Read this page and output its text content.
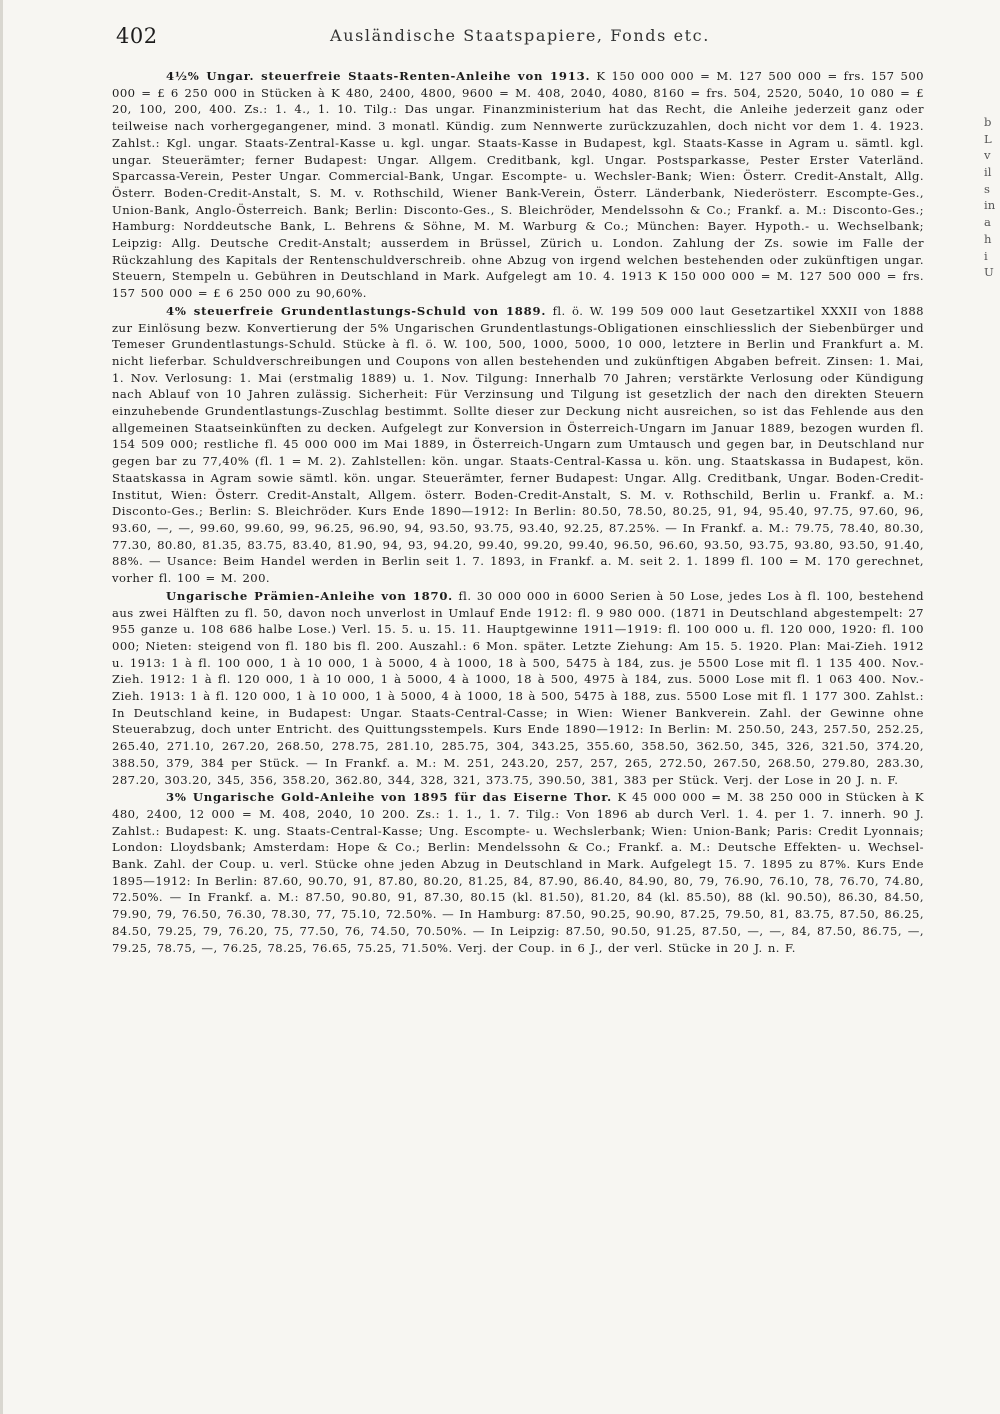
402	Ausländische Staatspapiere, Fonds etc.

4½% Ungar. steuerfreie Staats-Renten-Anleihe von 1913. K 150 000 000 = M. 127 500 000 = frs. 157 500 000 = £ 6 250 000 in Stücken à K 480, 2400, 4800, 9600 = M. 408, 2040, 4080, 8160 = frs. 504, 2520, 5040, 10 080 = £ 20, 100, 200, 400. Zs.: 1. 4., 1. 10. Tilg.: Das ungar. Finanzministerium hat das Recht, die Anleihe jederzeit ganz oder teilweise nach vorhergegangener, mind. 3 monatl. Kündig. zum Nennwerte zurückzuzahlen, doch nicht vor dem 1. 4. 1923. Zahlst.: Kgl. ungar. Staats-Zentral-Kasse u. kgl. ungar. Staats-Kasse in Budapest, kgl. Staats-Kasse in Agram u. sämtl. kgl. ungar. Steuerämter; ferner Budapest: Ungar. Allgem. Creditbank, kgl. Ungar. Postsparkasse, Pester Erster Vaterländ. Sparcassa-Verein, Pester Ungar. Commercial-Bank, Ungar. Escompte- u. Wechsler-Bank; Wien: Österr. Credit-Anstalt, Allg. Österr. Boden-Credit-Anstalt, S. M. v. Rothschild, Wiener Bank-Verein, Österr. Länderbank, Niederösterr. Escompte-Ges., Union-Bank, Anglo-Österreich. Bank; Berlin: Disconto-Ges., S. Bleichröder, Mendelssohn & Co.; Frankf. a. M.: Disconto-Ges.; Hamburg: Norddeutsche Bank, L. Behrens & Söhne, M. M. Warburg & Co.; München: Bayer. Hypoth.- u. Wechselbank; Leipzig: Allg. Deutsche Credit-Anstalt; ausserdem in Brüssel, Zürich u. London. Zahlung der Zs. sowie im Falle der Rückzahlung des Kapitals der Rentenschuldverschreib. ohne Abzug von irgend welchen bestehenden oder zukünftigen ungar. Steuern, Stempeln u. Gebühren in Deutschland in Mark. Aufgelegt am 10. 4. 1913 K 150 000 000 = M. 127 500 000 = frs. 157 500 000 = £ 6 250 000 zu 90,60%.

4% steuerfreie Grundentlastungs-Schuld von 1889. fl. ö. W. 199 509 000 laut Gesetzartikel XXXII von 1888 zur Einlösung bezw. Konvertierung der 5% Ungarischen Grundentlastungs-Obligationen einschliesslich der Siebenbürger und Temeser Grundentlastungs-Schuld. Stücke à fl. ö. W. 100, 500, 1000, 5000, 10 000, letztere in Berlin und Frankfurt a. M. nicht lieferbar. Schuldverschreibungen und Coupons von allen bestehenden und zukünftigen Abgaben befreit. Zinsen: 1. Mai, 1. Nov. Verlosung: 1. Mai (erstmalig 1889) u. 1. Nov. Tilgung: Innerhalb 70 Jahren; verstärkte Verlosung oder Kündigung nach Ablauf von 10 Jahren zulässig. Sicherheit: Für Verzinsung und Tilgung ist gesetzlich der nach den direkten Steuern einzuhebende Grundentlastungs-Zuschlag bestimmt. Sollte dieser zur Deckung nicht ausreichen, so ist das Fehlende aus den allgemeinen Staatseinkünften zu decken. Aufgelegt zur Konversion in Österreich-Ungarn im Januar 1889, bezogen wurden fl. 154 509 000; restliche fl. 45 000 000 im Mai 1889, in Österreich-Ungarn zum Umtausch und gegen bar, in Deutschland nur gegen bar zu 77,40% (fl. 1 = M. 2). Zahlstellen: kön. ungar. Staats-Central-Kassa u. kön. ung. Staatskassa in Budapest, kön. Staatskassa in Agram sowie sämtl. kön. ungar. Steuerämter, ferner Budapest: Ungar. Allg. Creditbank, Ungar. Boden-Credit-Institut, Wien: Österr. Credit-Anstalt, Allgem. österr. Boden-Credit-Anstalt, S. M. v. Rothschild, Berlin u. Frankf. a. M.: Disconto-Ges.; Berlin: S. Bleichröder. Kurs Ende 1890—1912: In Berlin: 80.50, 78.50, 80.25, 91, 94, 95.40, 97.75, 97.60, 96, 93.60, —, —, 99.60, 99.60, 99, 96.25, 96.90, 94, 93.50, 93.75, 93.40, 92.25, 87.25%. — In Frankf. a. M.: 79.75, 78.40, 80.30, 77.30, 80.80, 81.35, 83.75, 83.40, 81.90, 94, 93, 94.20, 99.40, 99.20, 99.40, 96.50, 96.60, 93.50, 93.75, 93.80, 93.50, 91.40, 88%. — Usance: Beim Handel werden in Berlin seit 1. 7. 1893, in Frankf. a. M. seit 2. 1. 1899 fl. 100 = M. 170 gerechnet, vorher fl. 100 = M. 200.

Ungarische Prämien-Anleihe von 1870. fl. 30 000 000 in 6000 Serien à 50 Lose, jedes Los à fl. 100, bestehend aus zwei Hälften zu fl. 50, davon noch unverlost in Umlauf Ende 1912: fl. 9 980 000. (1871 in Deutschland abgestempelt: 27 955 ganze u. 108 686 halbe Lose.) Verl. 15. 5. u. 15. 11. Hauptgewinne 1911—1919: fl. 100 000 u. fl. 120 000, 1920: fl. 100 000; Nieten: steigend von fl. 180 bis fl. 200. Auszahl.: 6 Mon. später. Letzte Ziehung: Am 15. 5. 1920. Plan: Mai-Zieh. 1912 u. 1913: 1 à fl. 100 000, 1 à 10 000, 1 à 5000, 4 à 1000, 18 à 500, 5475 à 184, zus. je 5500 Lose mit fl. 1 135 400. Nov.-Zieh. 1912: 1 à fl. 120 000, 1 à 10 000, 1 à 5000, 4 à 1000, 18 à 500, 4975 à 184, zus. 5000 Lose mit fl. 1 063 400. Nov.-Zieh. 1913: 1 à fl. 120 000, 1 à 10 000, 1 à 5000, 4 à 1000, 18 à 500, 5475 à 188, zus. 5500 Lose mit fl. 1 177 300. Zahlst.: In Deutschland keine, in Budapest: Ungar. Staats-Central-Casse; in Wien: Wiener Bankverein. Zahl. der Gewinne ohne Steuerabzug, doch unter Entricht. des Quittungsstempels. Kurs Ende 1890—1912: In Berlin: M. 250.50, 243, 257.50, 252.25, 265.40, 271.10, 267.20, 268.50, 278.75, 281.10, 285.75, 304, 343.25, 355.60, 358.50, 362.50, 345, 326, 321.50, 374.20, 388.50, 379, 384 per Stück. — In Frankf. a. M.: M. 251, 243.20, 257, 257, 265, 272.50, 267.50, 268.50, 279.80, 283.30, 287.20, 303.20, 345, 356, 358.20, 362.80, 344, 328, 321, 373.75, 390.50, 381, 383 per Stück. Verj. der Lose in 20 J. n. F.

3% Ungarische Gold-Anleihe von 1895 für das Eiserne Thor. K 45 000 000 = M. 38 250 000 in Stücken à K 480, 2400, 12 000 = M. 408, 2040, 10 200. Zs.: 1. 1., 1. 7. Tilg.: Von 1896 ab durch Verl. 1. 4. per 1. 7. innerh. 90 J. Zahlst.: Budapest: K. ung. Staats-Central-Kasse; Ung. Escompte- u. Wechslerbank; Wien: Union-Bank; Paris: Credit Lyonnais; London: Lloydsbank; Amsterdam: Hope & Co.; Berlin: Mendelssohn & Co.; Frankf. a. M.: Deutsche Effekten- u. Wechsel-Bank. Zahl. der Coup. u. verl. Stücke ohne jeden Abzug in Deutschland in Mark. Aufgelegt 15. 7. 1895 zu 87%. Kurs Ende 1895—1912: In Berlin: 87.60, 90.70, 91, 87.80, 80.20, 81.25, 84, 87.90, 86.40, 84.90, 80, 79, 76.90, 76.10, 78, 76.70, 74.80, 72.50%. — In Frankf. a. M.: 87.50, 90.80, 91, 87.30, 80.15 (kl. 81.50), 81.20, 84 (kl. 85.50), 88 (kl. 90.50), 86.30, 84.50, 79.90, 79, 76.50, 76.30, 78.30, 77, 75.10, 72.50%. — In Hamburg: 87.50, 90.25, 90.90, 87.25, 79.50, 81, 83.75, 87.50, 86.25, 84.50, 79.25, 79, 76.20, 75, 77.50, 76, 74.50, 70.50%. — In Leipzig: 87.50, 90.50, 91.25, 87.50, —, —, 84, 87.50, 86.75, —, 79.25, 78.75, —, 76.25, 78.25, 76.65, 75.25, 71.50%. Verj. der Coup. in 6 J., der verl. Stücke in 20 J. n. F.

b
L
v
il
s
in
a
h
i
U
